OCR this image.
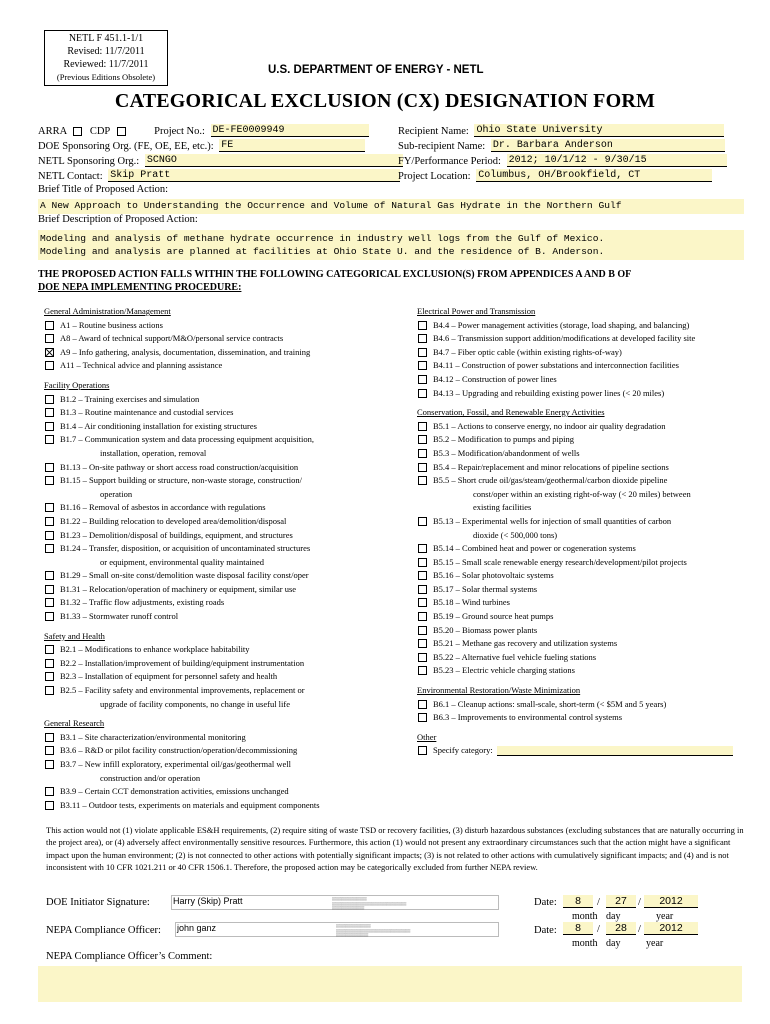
NETL F 451.1-1/1
Revised: 11/7/2011
Reviewed: 11/7/2011
(Previous Editions Obsolete)
U.S. DEPARTMENT OF ENERGY - NETL
CATEGORICAL EXCLUSION (CX) DESIGNATION FORM
ARRA CDP	Project No.: DE-FE0009949
DOE Sponsoring Org. (FE, OE, EE, etc.): FE
NETL Sponsoring Org.: SCNGO
NETL Contact: Skip Pratt
Recipient Name: Ohio State University
Sub-recipient Name: Dr. Barbara Anderson
FY/Performance Period: 2012; 10/1/12 - 9/30/15
Project Location: Columbus, OH/Brookfield, CT
Brief Title of Proposed Action:
A New Approach to Understanding the Occurrence and Volume of Natural Gas Hydrate in the Northern Gulf
Brief Description of Proposed Action:
Modeling and analysis of methane hydrate occurrence in industry well logs from the Gulf of Mexico.
Modeling and analysis are planned at facilities at Ohio State U. and the residence of B. Anderson.
THE PROPOSED ACTION FALLS WITHIN THE FOLLOWING CATEGORICAL EXCLUSION(S) FROM APPENDICES A AND B OF
DOE NEPA IMPLEMENTING PROCEDURE:
General Administration/Management
A1 – Routine business actions
A8 – Award of technical support/M&O/personal service contracts
A9 – Info gathering, analysis, documentation, dissemination, and training
A11 – Technical advice and planning assistance
Facility Operations
B1.2 – Training exercises and simulation
B1.3 – Routine maintenance and custodial services
B1.4 – Air conditioning installation for existing structures
B1.7 – Communication system and data processing equipment acquisition,
installation, operation, removal
B1.13 – On-site pathway or short access road construction/acquisition
B1.15 – Support building or structure, non-waste storage, construction/
operation
B1.16 – Removal of asbestos in accordance with regulations
B1.22 – Building relocation to developed area/demolition/disposal
B1.23 – Demolition/disposal of buildings, equipment, and structures
B1.24 – Transfer, disposition, or acquisition of uncontaminated structures
or equipment, environmental quality maintained
B1.29 – Small on-site const/demolition waste disposal facility const/oper
B1.31 – Relocation/operation of machinery or equipment, similar use
B1.32 – Traffic flow adjustments, existing roads
B1.33 – Stormwater runoff control
Safety and Health
B2.1 – Modifications to enhance workplace habitability
B2.2 – Installation/improvement of building/equipment instrumentation
B2.3 – Installation of equipment for personnel safety and health
B2.5 – Facility safety and environmental improvements, replacement or
upgrade of facility components, no change in useful life
General Research
B3.1 – Site characterization/environmental monitoring
B3.6 – R&D or pilot facility construction/operation/decommissioning
B3.7 – New infill exploratory, experimental oil/gas/geothermal well
construction and/or operation
B3.9 – Certain CCT demonstration activities, emissions unchanged
B3.11 – Outdoor tests, experiments on materials and equipment components
Electrical Power and Transmission
B4.4 – Power management activities (storage, load shaping, and balancing)
B4.6 – Transmission support addition/modifications at developed facility site
B4.7 – Fiber optic cable (within existing rights-of-way)
B4.11 – Construction of power substations and interconnection facilities
B4.12 – Construction of power lines
B4.13 – Upgrading and rebuilding existing power lines (< 20 miles)
Conservation, Fossil, and Renewable Energy Activities
B5.1 – Actions to conserve energy, no indoor air quality degradation
B5.2 – Modification to pumps and piping
B5.3 – Modification/abandonment of wells
B5.4 – Repair/replacement and minor relocations of pipeline sections
B5.5 – Short crude oil/gas/steam/geothermal/carbon dioxide pipeline
const/oper within an existing right-of-way (< 20 miles) between
existing facilities
B5.13 – Experimental wells for injection of small quantities of carbon
dioxide (< 500,000 tons)
B5.14 – Combined heat and power or cogeneration systems
B5.15 – Small scale renewable energy research/development/pilot projects
B5.16 – Solar photovoltaic systems
B5.17 – Solar thermal systems
B5.18 – Wind turbines
B5.19 – Ground source heat pumps
B5.20 – Biomass power plants
B5.21 – Methane gas recovery and utilization systems
B5.22 – Alternative fuel vehicle fueling stations
B5.23 – Electric vehicle charging stations
Environmental Restoration/Waste Minimization
B6.1 – Cleanup actions: small-scale, short-term (< $5M and 5 years)
B6.3 – Improvements to environmental control systems
Other
Specify category:
This action would not (1) violate applicable ES&H requirements, (2) require siting of waste TSD or recovery facilities, (3) disturb hazardous substances (excluding substances that are naturally occurring in the project area), or (4) adversely affect environmentally sensitive resources. Furthermore, this action (1) would not present any extraordinary circumstances such that the action might have a significant impact upon the human environment; (2) is not connected to other actions with potentially significant impacts; (3) is not related to other actions with cumulatively significant impacts; and (4) and is not inconsistent with 10 CFR 1021.211 or 40 CFR 1506.1. Therefore, the proposed action may be categorically excluded from further NEPA review.
DOE Initiator Signature:	Harry (Skip) Pratt	▒▒▒▒▒▒▒▒▒▒▒▒▒▒
▒▒▒▒▒▒▒▒▒▒▒▒▒▒▒▒▒▒▒▒▒▒▒▒▒▒▒▒▒▒
▒▒▒▒▒▒▒▒▒▒▒▒▒
NEPA Compliance Officer: john ganz	▒▒▒▒▒▒▒▒▒▒▒▒▒▒
▒▒▒▒▒▒▒▒▒▒▒▒▒▒▒▒▒▒▒▒▒▒▒▒▒▒▒▒▒▒
▒▒▒▒▒▒▒▒▒▒▒▒▒
Date:	8	/	27	/	2012
month day	year
Date:	8	/	28	/	2012
month day	year
NEPA Compliance Officer’s Comment:
